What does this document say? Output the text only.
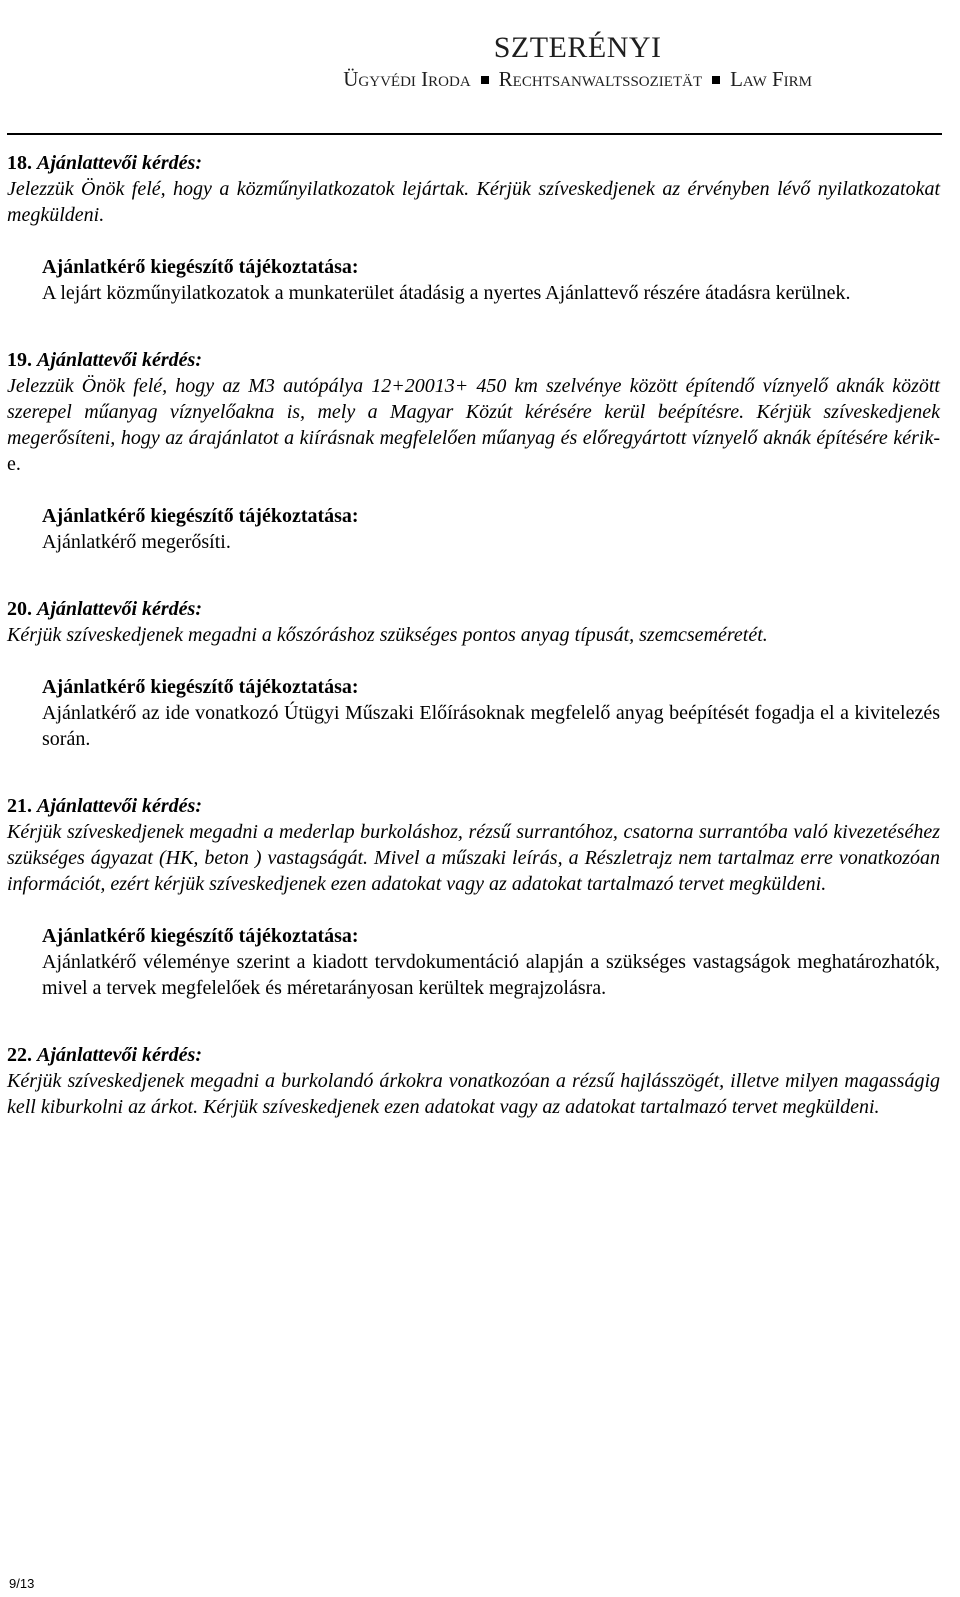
SZTERÉNYI
Ügyvédi Iroda Rechtsanwaltssozietät Law Firm
18. Ajánlattevői kérdés:
Jelezzük Önök felé, hogy a közműnyilatkozatok lejártak. Kérjük szíveskedjenek az érvényben lévő nyilatkozatokat megküldeni.
Ajánlatkérő kiegészítő tájékoztatása:
A lejárt közműnyilatkozatok a munkaterület átadásig a nyertes Ajánlattevő részére átadásra kerülnek.
19. Ajánlattevői kérdés:
Jelezzük Önök felé, hogy az M3 autópálya 12+20013+ 450 km szelvénye között építendő víznyelő aknák között szerepel műanyag víznyelőakna is, mely a Magyar Közút kérésére kerül beépítésre. Kérjük szíveskedjenek megerősíteni, hogy az árajánlatot a kiírásnak megfelelően műanyag és előregyártott víznyelő aknák építésére kérik-e.
Ajánlatkérő kiegészítő tájékoztatása:
Ajánlatkérő megerősíti.
20. Ajánlattevői kérdés:
Kérjük szíveskedjenek megadni a kőszóráshoz szükséges pontos anyag típusát, szemcseméretét.
Ajánlatkérő kiegészítő tájékoztatása:
Ajánlatkérő az ide vonatkozó Útügyi Műszaki Előírásoknak megfelelő anyag beépítését fogadja el a kivitelezés során.
21. Ajánlattevői kérdés:
Kérjük szíveskedjenek megadni a mederlap burkoláshoz, rézsű surrantóhoz, csatorna surrantóba való kivezetéséhez szükséges ágyazat (HK, beton ) vastagságát. Mivel a műszaki leírás, a Részletrajz nem tartalmaz erre vonatkozóan információt, ezért kérjük szíveskedjenek ezen adatokat vagy az adatokat tartalmazó tervet megküldeni.
Ajánlatkérő kiegészítő tájékoztatása:
Ajánlatkérő véleménye szerint a kiadott tervdokumentáció alapján a szükséges vastagságok meghatározhatók, mivel a tervek megfelelőek és méretarányosan kerültek megrajzolásra.
22. Ajánlattevői kérdés:
Kérjük szíveskedjenek megadni a burkolandó árkokra vonatkozóan a rézsű hajlásszögét, illetve milyen magasságig kell kiburkolni az árkot. Kérjük szíveskedjenek ezen adatokat vagy az adatokat tartalmazó tervet megküldeni.
9/13
